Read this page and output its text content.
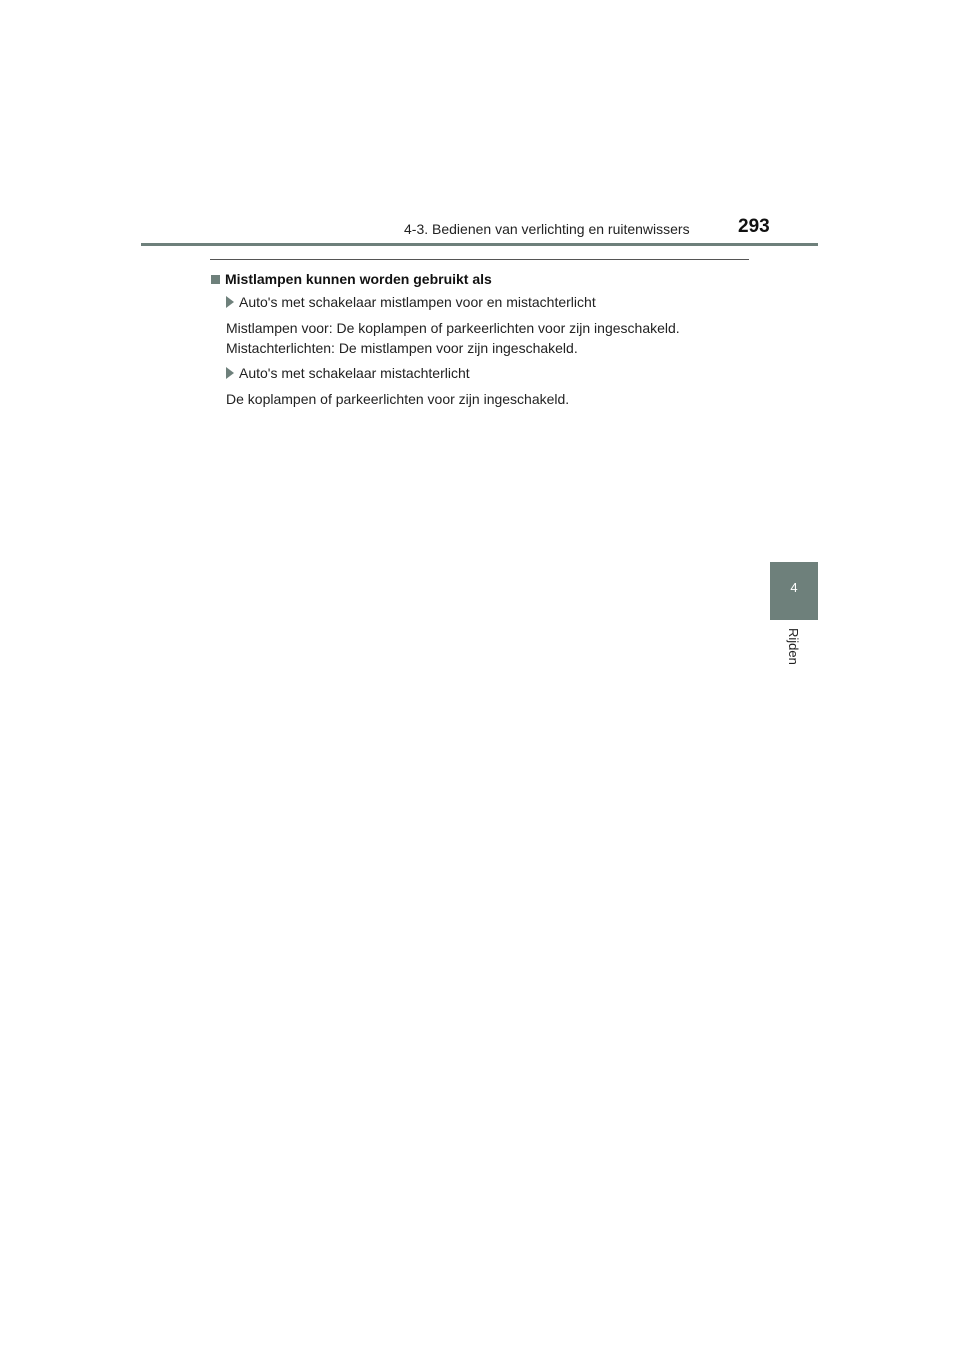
4-3. Bedienen van verlichting en ruitenwissers	293
4
Rijden
Mistlampen kunnen worden gebruikt als
Auto's met schakelaar mistlampen voor en mistachterlicht
Mistlampen voor: De koplampen of parkeerlichten voor zijn ingeschakeld.
Mistachterlichten: De mistlampen voor zijn ingeschakeld.
Auto's met schakelaar mistachterlicht
De koplampen of parkeerlichten voor zijn ingeschakeld.
